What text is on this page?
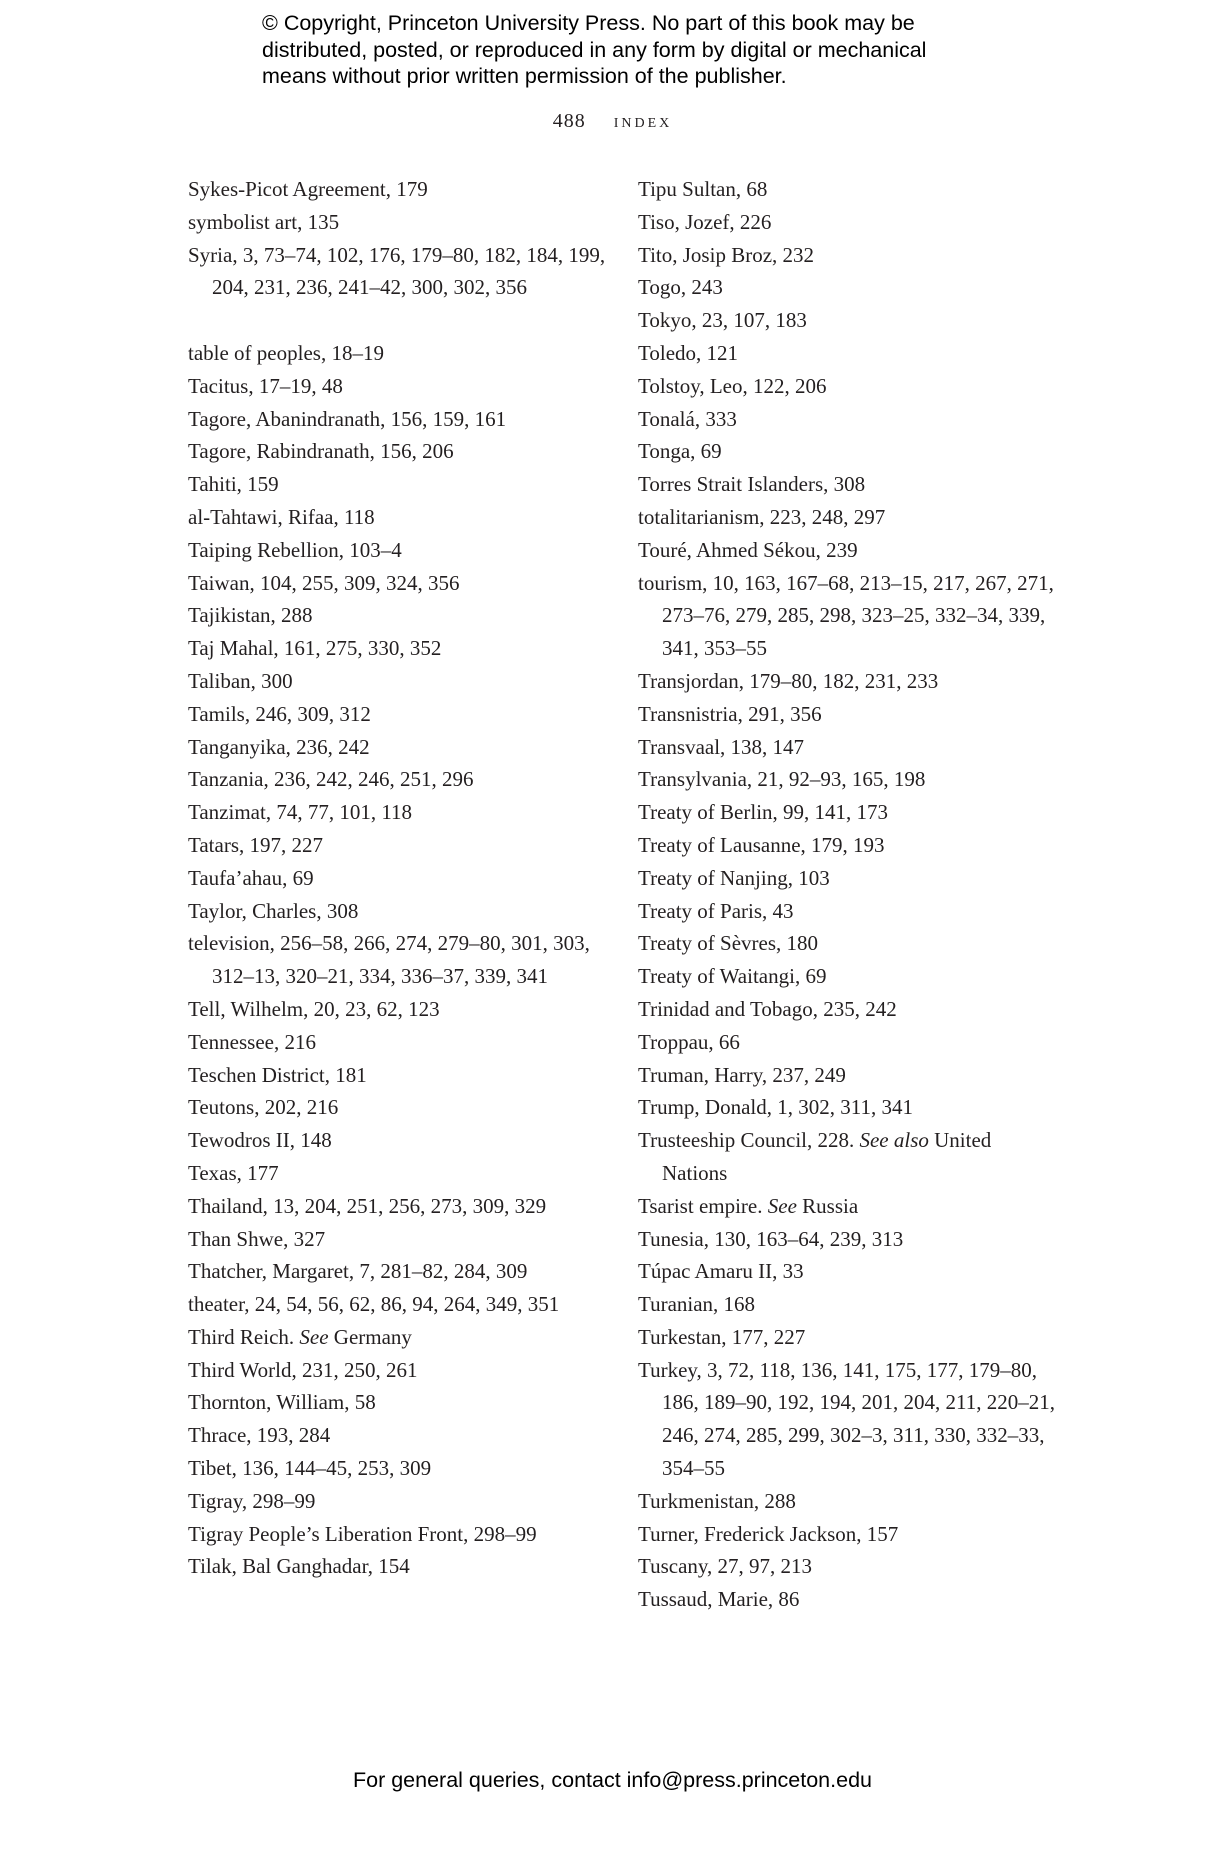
© Copyright, Princeton University Press. No part of this book may be distributed, posted, or reproduced in any form by digital or mechanical means without prior written permission of the publisher.

488 index
Sykes-Picot Agreement, 179
symbolist art, 135
Syria, 3, 73–74, 102, 176, 179–80, 182, 184, 199, 204, 231, 236, 241–42, 300, 302, 356
table of peoples, 18–19
Tacitus, 17–19, 48
Tagore, Abanindranath, 156, 159, 161
Tagore, Rabindranath, 156, 206
Tahiti, 159
al-Tahtawi, Rifaa, 118
Taiping Rebellion, 103–4
Taiwan, 104, 255, 309, 324, 356
Tajikistan, 288
Taj Mahal, 161, 275, 330, 352
Taliban, 300
Tamils, 246, 309, 312
Tanganyika, 236, 242
Tanzania, 236, 242, 246, 251, 296
Tanzimat, 74, 77, 101, 118
Tatars, 197, 227
Taufa’ahau, 69
Taylor, Charles, 308
television, 256–58, 266, 274, 279–80, 301, 303, 312–13, 320–21, 334, 336–37, 339, 341
Tell, Wilhelm, 20, 23, 62, 123
Tennessee, 216
Teschen District, 181
Teutons, 202, 216
Tewodros II, 148
Texas, 177
Thailand, 13, 204, 251, 256, 273, 309, 329
Than Shwe, 327
Thatcher, Margaret, 7, 281–82, 284, 309
theater, 24, 54, 56, 62, 86, 94, 264, 349, 351
Third Reich. See Germany
Third World, 231, 250, 261
Thornton, William, 58
Thrace, 193, 284
Tibet, 136, 144–45, 253, 309
Tigray, 298–99
Tigray People’s Liberation Front, 298–99
Tilak, Bal Ganghadar, 154
Tipu Sultan, 68
Tiso, Jozef, 226
Tito, Josip Broz, 232
Togo, 243
Tokyo, 23, 107, 183
Toledo, 121
Tolstoy, Leo, 122, 206
Tonalá, 333
Tonga, 69
Torres Strait Islanders, 308
totalitarianism, 223, 248, 297
Touré, Ahmed Sékou, 239
tourism, 10, 163, 167–68, 213–15, 217, 267, 271, 273–76, 279, 285, 298, 323–25, 332–34, 339, 341, 353–55
Transjordan, 179–80, 182, 231, 233
Transnistria, 291, 356
Transvaal, 138, 147
Transylvania, 21, 92–93, 165, 198
Treaty of Berlin, 99, 141, 173
Treaty of Lausanne, 179, 193
Treaty of Nanjing, 103
Treaty of Paris, 43
Treaty of Sèvres, 180
Treaty of Waitangi, 69
Trinidad and Tobago, 235, 242
Troppau, 66
Truman, Harry, 237, 249
Trump, Donald, 1, 302, 311, 341
Trusteeship Council, 228. See also United Nations
Tsarist empire. See Russia
Tunesia, 130, 163–64, 239, 313
Túpac Amaru II, 33
Turanian, 168
Turkestan, 177, 227
Turkey, 3, 72, 118, 136, 141, 175, 177, 179–80, 186, 189–90, 192, 194, 201, 204, 211, 220–21, 246, 274, 285, 299, 302–3, 311, 330, 332–33, 354–55
Turkmenistan, 288
Turner, Frederick Jackson, 157
Tuscany, 27, 97, 213
Tussaud, Marie, 86
For general queries, contact info@press.princeton.edu
